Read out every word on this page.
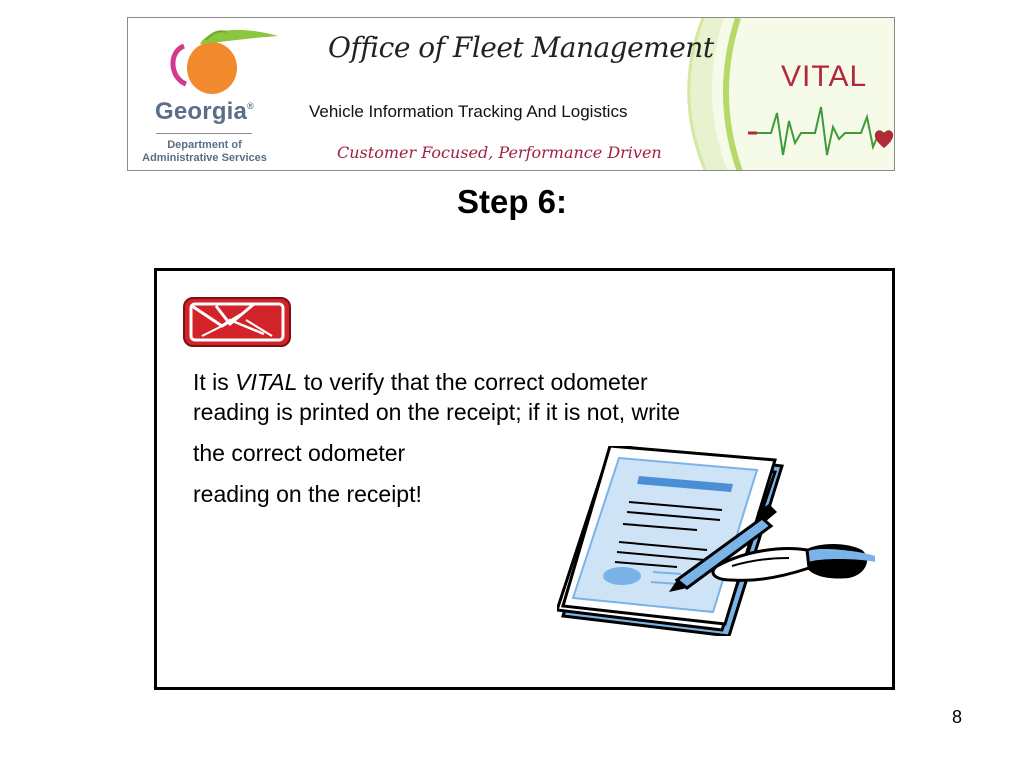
Georgia®
Department of
Administrative Services
Office of Fleet Management
Vehicle Information Tracking And Logistics
Customer Focused, Performance Driven
VITAL
Step 6:

It is VITAL to verify that the correct odometer

reading is printed on the receipt; if it is not, write

the correct odometer

reading on the receipt!

8
